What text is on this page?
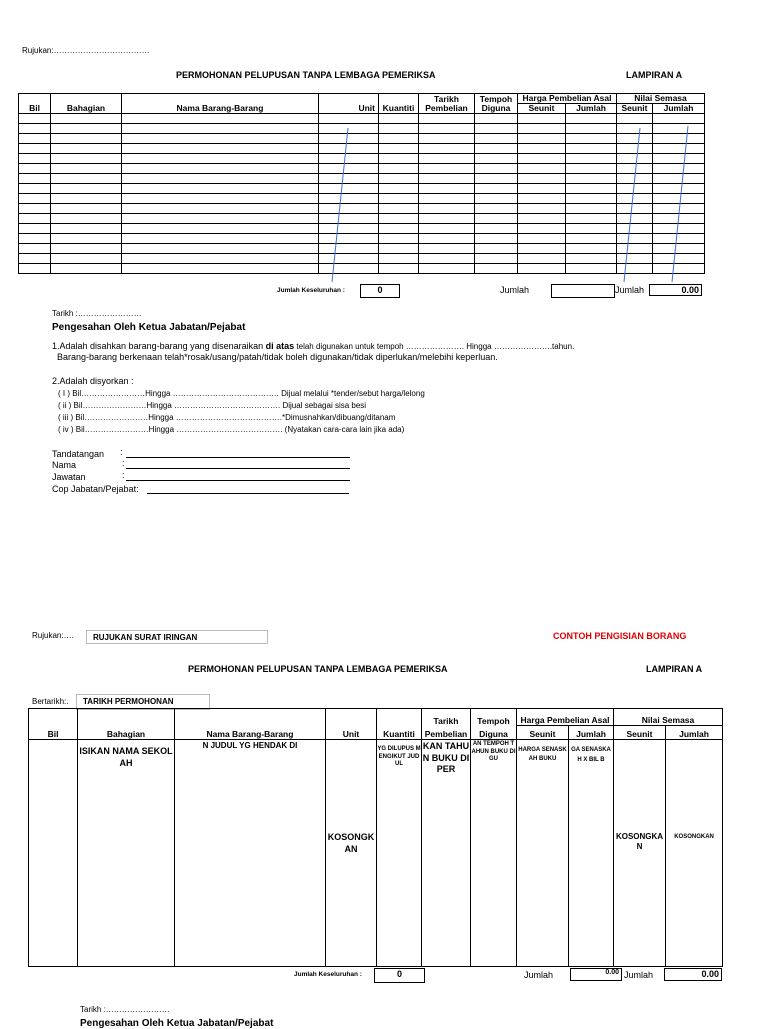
Rujukan:………………………………
PERMOHONAN PELUPUSAN TANPA LEMBAGA PEMERIKSA	LAMPIRAN A
Bil	Bahagian	Nama Barang-Barang	Unit	Kuantiti	Tarikh	Tempoh	Harga Pembelian Asal		Nilai Semasa	
					Pembelian	Diguna	Seunit	Jumlah	Seunit	Jumlah

Jumlah Keseluruhan :	0	Jumlah	Jumlah	0.00
Tarikh :……………………
Pengesahan Oleh Ketua Jabatan/Pejabat
1.Adalah disahkan barang-barang yang disenaraikan di atas telah digunakan untuk tempoh …………………. Hingga ………………….tahun.
Barang-barang berkenaan telah*rosak/usang/patah/tidak boleh digunakan/tidak diperlukan/melebihi keperluan.
2.Adalah disyorkan :
( I ) Bil……………………Hingga …………………………………. Dijual melalui *tender/sebut harga/lelong
( ii ) Bil……………………Hingga …………………………………. Dijual sebagai sisa besi
( iii ) Bil……………………Hingga ………………………………….*Dimusnahkan/dibuang/ditanam
( iv ) Bil……………………Hingga …………………………………. (Nyatakan cara-cara lain jika ada)
Tandatangan :
Nama	:
Jawatan	:
Cop Jabatan/Pejabat:
Rujukan:….	RUJUKAN SURAT IRINGAN	CONTOH PENGISIAN BORANG
PERMOHONAN PELUPUSAN TANPA LEMBAGA PEMERIKSA	LAMPIRAN A
Bertarikh:.	TARIKH PERMOHONAN
Bil	Bahagian	Nama Barang-Barang	Unit	Kuantiti	Tarikh	Tempoh	Harga Pembelian Asal		Nilai Semasa	
					Pembelian	Diguna	Seunit	Jumlah	Seunit	Jumlah

	ISIKAN NAMA SEKOLAH	N JUDUL YG HENDAK DI	KOSONGKAN	YG DILUPUS MENGIKUT JUDUL	KAN TAHUN BUKU DIPER	AN TEMPOH TAHUN BUKU DIGU	HARGA SENASKAH BUKU	GA SENASKAH X BIL B	KOSONGKAN	KOSONGKAN
Jumlah Keseluruhan :	0	Jumlah	0.00 Jumlah	0.00
Tarikh :……………………
Pengesahan Oleh Ketua Jabatan/Pejabat
